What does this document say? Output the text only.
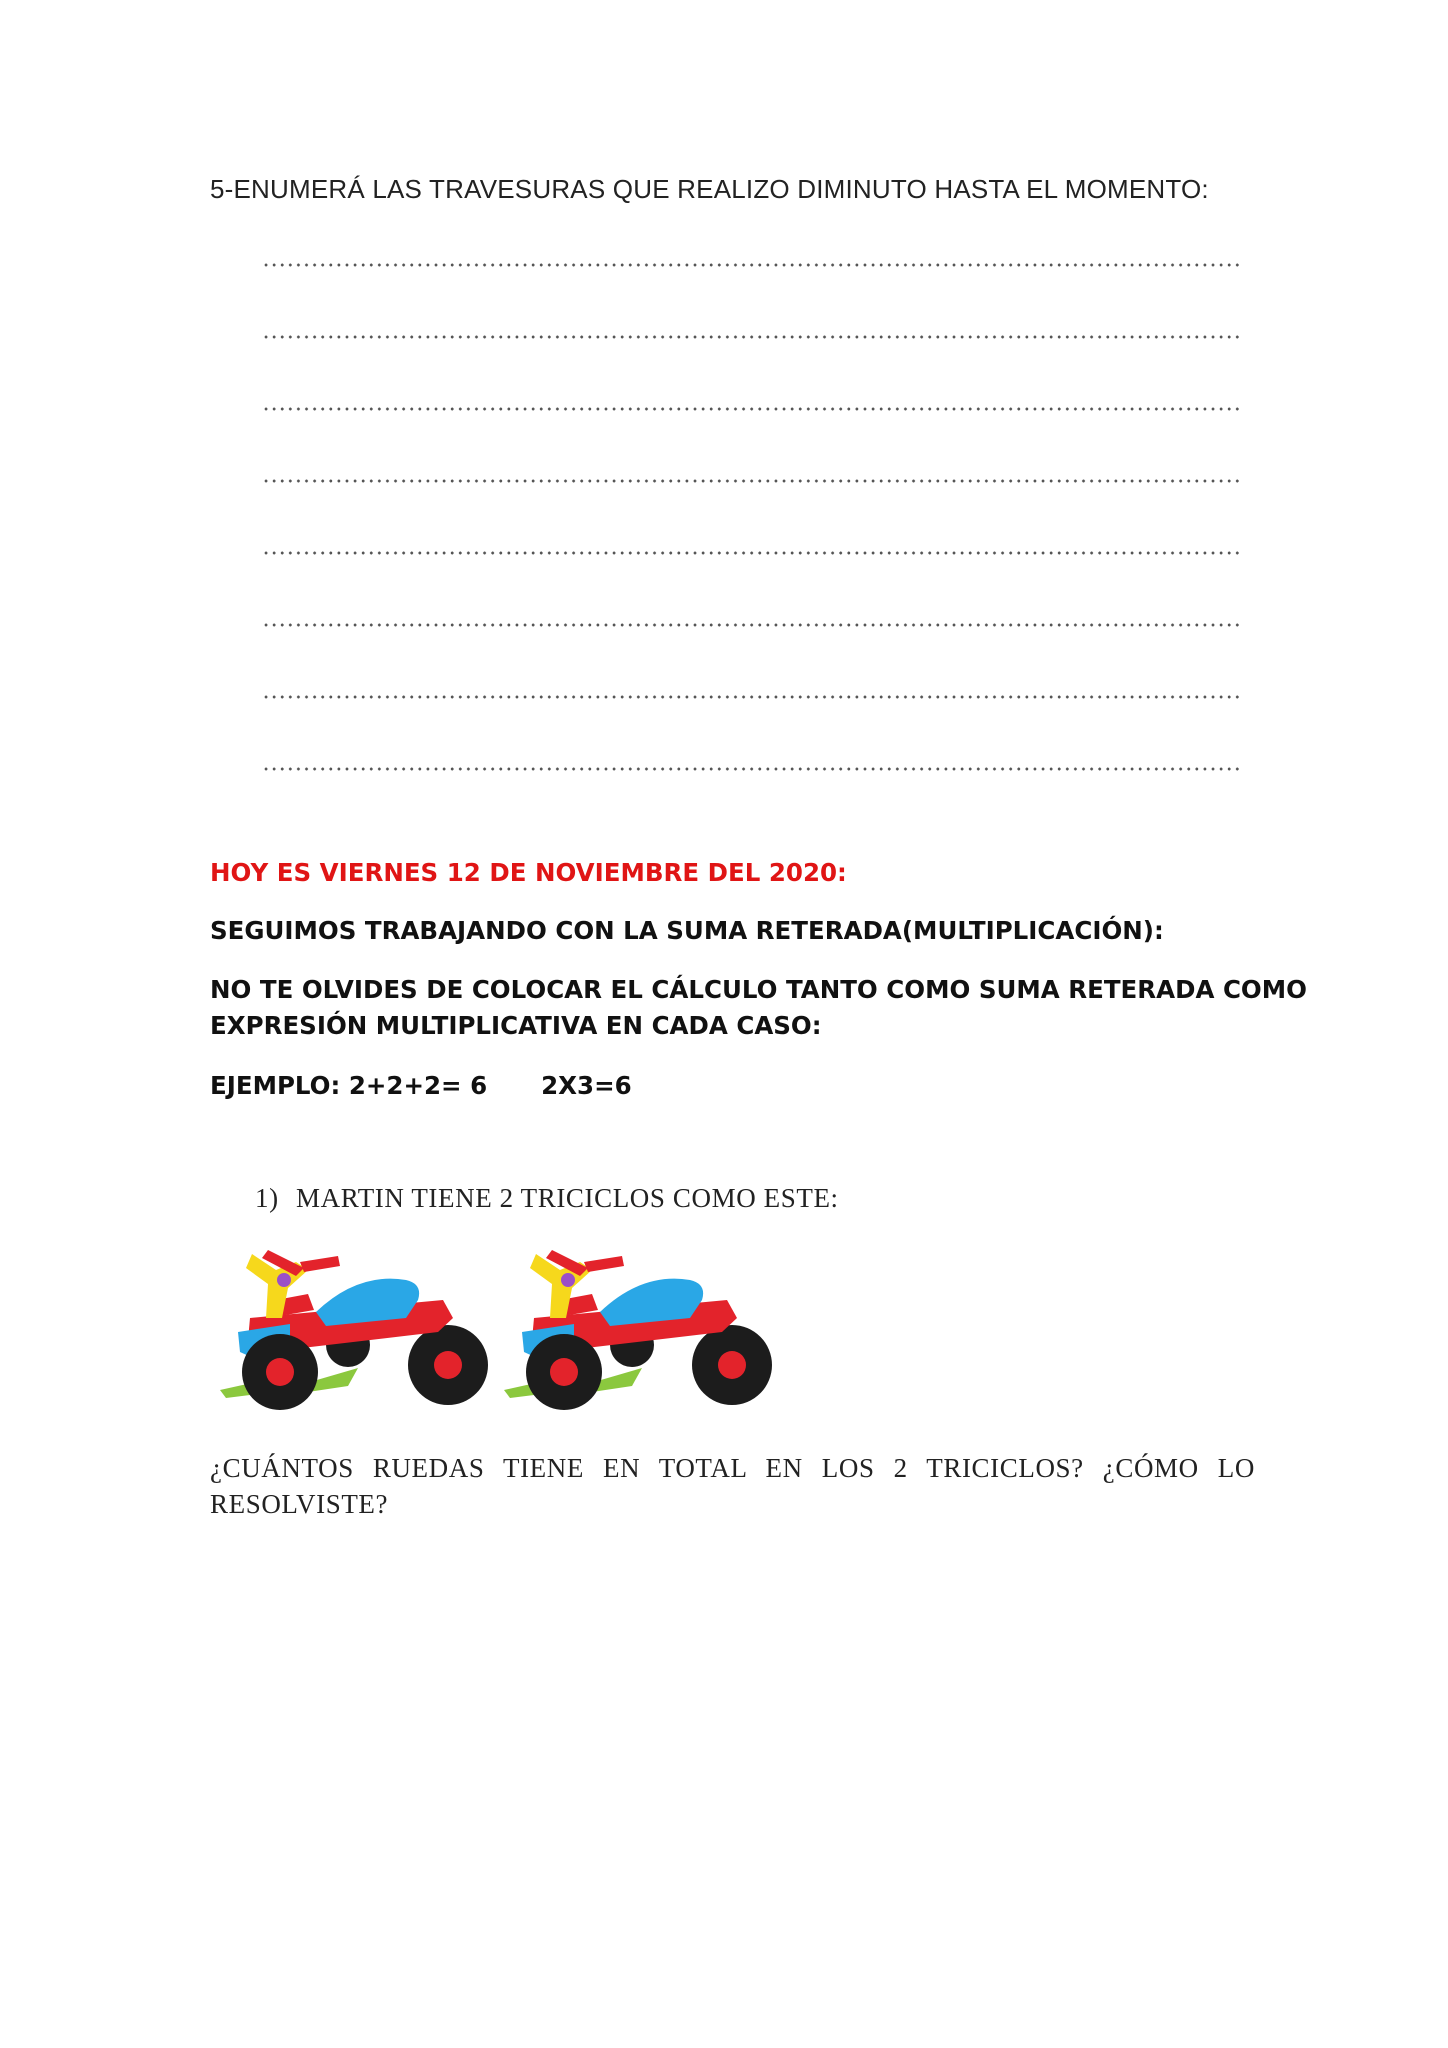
5-ENUMERÁ LAS TRAVESURAS QUE REALIZO DIMINUTO HASTA EL MOMENTO:
HOY ES VIERNES 12 DE NOVIEMBRE DEL 2020:
SEGUIMOS TRABAJANDO CON LA SUMA RETERADA(MULTIPLICACIÓN):
NO TE OLVIDES DE COLOCAR EL CÁLCULO TANTO COMO SUMA RETERADA COMO
EXPRESIÓN MULTIPLICATIVA EN CADA CASO:
EJEMPLO: 2+2+2= 6 2X3=6
1) MARTIN TIENE 2 TRICICLOS COMO ESTE:
¿CUÁNTOS RUEDAS TIENE EN TOTAL EN LOS 2 TRICICLOS? ¿CÓMO LO RESOLVISTE?
